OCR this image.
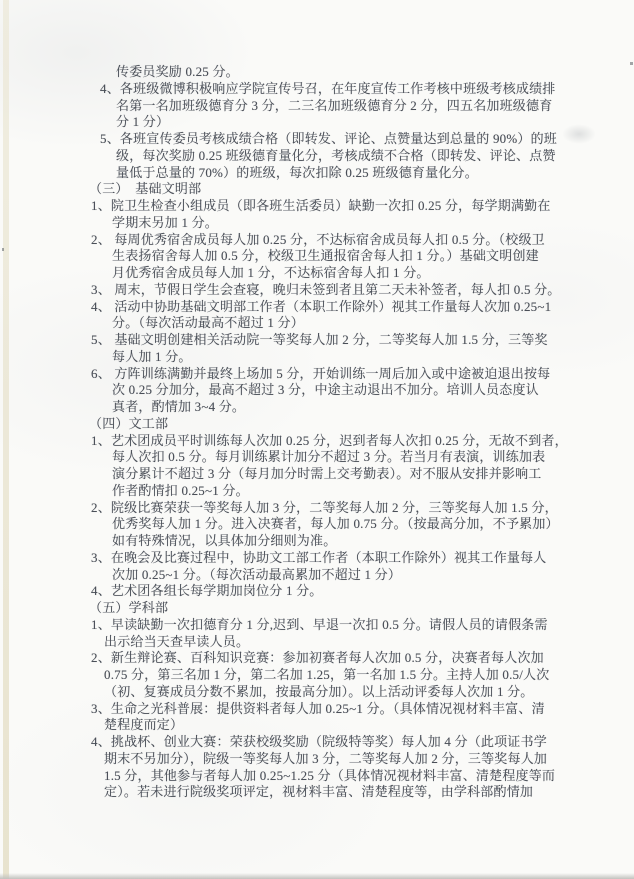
传委员奖励 0.25 分。
4、各班级微博积极响应学院宣传号召，在年度宣传工作考核中班级考核成绩排
名第一名加班级德育分 3 分，二三名加班级德育分 2 分，四五名加班级德育
分 1 分）
5、各班宣传委员考核成绩合格（即转发、评论、点赞量达到总量的 90%）的班
级，每次奖励 0.25 班级德育量化分，考核成绩不合格（即转发、评论、点赞
量低于总量的 70%）的班级，每次扣除 0.25 班级德育量化分。
（三）　基础文明部
1、院卫生检查小组成员（即各班生活委员）缺勤一次扣 0.25 分，每学期满勤在
学期末另加 1 分。
2、 每周优秀宿舍成员每人加 0.25 分，不达标宿舍成员每人扣 0.5 分。（校级卫
生表扬宿舍每人加 0.5 分，校级卫生通报宿舍每人扣 1 分。）基础文明创建
月优秀宿舍成员每人加 1 分，不达标宿舍每人扣 1 分。
3、 周末，节假日学生会查寝，晚归未签到者且第二天未补签者，每人扣 0.5 分。
4、 活动中协助基础文明部工作者（本职工作除外）视其工作量每人次加 0.25~1
分。（每次活动最高不超过 1 分）
5、 基础文明创建相关活动院一等奖每人加 2 分，二等奖每人加 1.5 分，三等奖
每人加 1 分。
6、 方阵训练满勤并最终上场加 5 分，开始训练一周后加入或中途被迫退出按每
次 0.25 分加分，最高不超过 3 分，中途主动退出不加分。培训人员态度认
真者，酌情加 3~4 分。
（四）文工部
1、艺术团成员平时训练每人次加 0.25 分，迟到者每人次扣 0.25 分，无故不到者，
每人次扣 0.5 分。每月训练累计加分不超过 3 分。若当月有表演，训练加表
演分累计不超过 3 分（每月加分时需上交考勤表）。对不服从安排并影响工
作者酌情扣 0.25~1 分。
2、院级比赛荣获一等奖每人加 3 分，二等奖每人加 2 分，三等奖每人加 1.5 分，
优秀奖每人加 1 分。进入决赛者，每人加 0.75 分。（按最高分加，不予累加）
如有特殊情况，以具体加分细则为准。
3、在晚会及比赛过程中，协助文工部工作者（本职工作除外）视其工作量每人
次加 0.25~1 分。（每次活动最高累加不超过 1 分）
4、艺术团各组长每学期加岗位分 1 分。
（五）学科部
1、早读缺勤一次扣德育分 1 分,迟到、早退一次扣 0.5 分。请假人员的请假条需
出示给当天查早读人员。
2、新生辩论赛、百科知识竞赛：参加初赛者每人次加 0.5 分，决赛者每人次加
0.75 分，第三名加 1 分，第二名加 1.25，第一名加 1.5 分。主持人加 0.5/人次
（初、复赛成员分数不累加，按最高分加）。以上活动评委每人次加 1 分。
3、生命之光科普展：提供资料者每人加 0.25~1 分。（具体情况视材料丰富、清
楚程度而定）
4、挑战杯、创业大赛：荣获校级奖励（院级特等奖）每人加 4 分（此项证书学
期末不另加分），院级一等奖每人加 3 分，二等奖每人加 2 分，三等奖每人加
1.5 分，其他参与者每人加 0.25~1.25 分（具体情况视材料丰富、清楚程度等而
定）。若未进行院级奖项评定，视材料丰富、清楚程度等，由学科部酌情加
